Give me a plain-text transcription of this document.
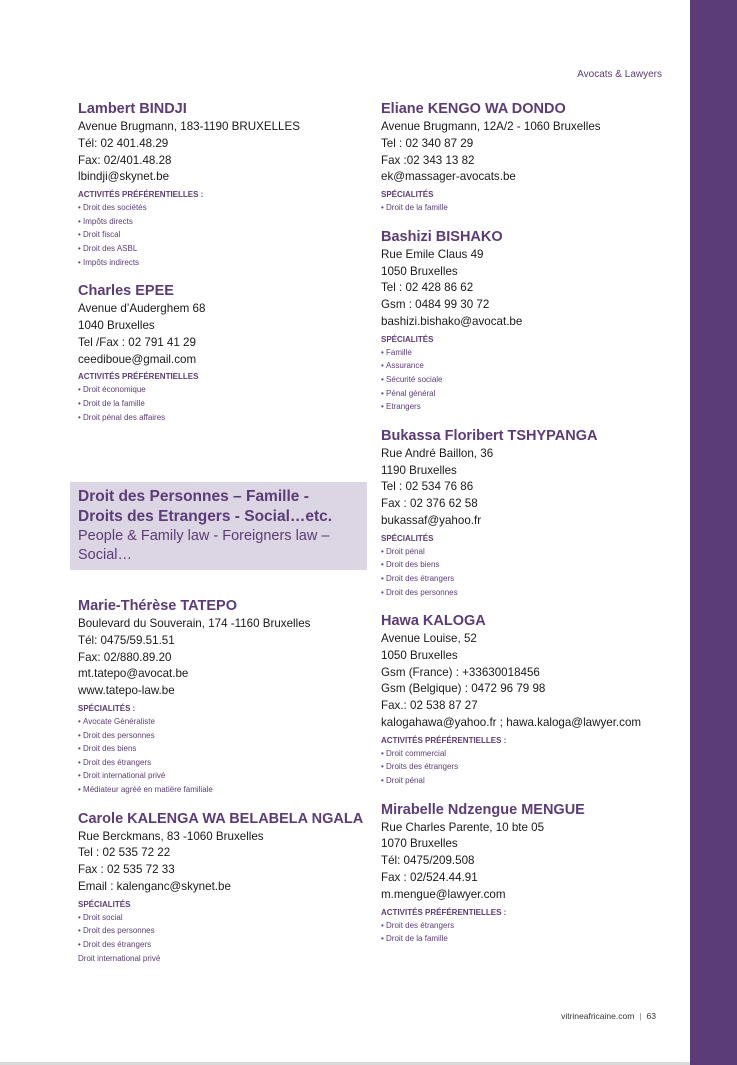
Avocats & Lawyers
Lambert BINDJI
Avenue Brugmann, 183-1190 BRUXELLES
Tél: 02 401.48.29
Fax: 02/401.48.28
lbindji@skynet.be
ACTIVITÉS PRÉFÉRENTIELLES :
• Droit des sociétés
• Impôts directs
• Droit fiscal
• Droit des ASBL
• Impôts indirects
Charles EPEE
Avenue d’Auderghem 68
1040 Bruxelles
Tel /Fax : 02 791 41 29
ceediboue@gmail.com
ACTIVITÉS PRÉFÉRENTIELLES
• Droit économique
• Droit de la famille
• Droit pénal des affaires
Droit des Personnes – Famille -
Droits des Etrangers - Social…etc.
People & Family law - Foreigners law – Social…
Marie-Thérèse TATEPO
Boulevard du Souverain, 174 -1160 Bruxelles
Tél: 0475/59.51.51
Fax: 02/880.89.20
mt.tatepo@avocat.be
www.tatepo-law.be
SPÉCIALITÉS :
• Avocate Généraliste
• Droit des personnes
• Droit des biens
• Droit des étrangers
• Droit international privé
• Médiateur agréé en matière familiale
Carole KALENGA WA BELABELA NGALA
Rue Berckmans, 83 -1060 Bruxelles
Tel : 02 535 72 22
Fax : 02 535 72 33
Email : kalenganc@skynet.be
SPÉCIALITÉS
• Droit social
• Droit des personnes
• Droit des étrangers
Droit international privé
Eliane KENGO WA DONDO
Avenue Brugmann, 12A/2 - 1060 Bruxelles
Tel : 02 340 87 29
Fax :02 343 13 82
ek@massager-avocats.be
SPÉCIALITÉS
• Droit de la famille
Bashizi BISHAKO
Rue Emile Claus 49
1050 Bruxelles
Tel : 02 428 86 62
Gsm : 0484 99 30 72
bashizi.bishako@avocat.be
SPÉCIALITÉS
• Famille
• Assurance
• Sécurité sociale
• Pénal général
• Etrangers
Bukassa Floribert TSHYPANGA
Rue André Baillon, 36
1190 Bruxelles
Tel : 02 534 76 86
Fax : 02 376 62 58
bukassaf@yahoo.fr
SPÉCIALITÉS
• Droit pénal
• Droit des biens
• Droit des étrangers
• Droit des personnes
Hawa KALOGA
Avenue Louise, 52
1050 Bruxelles
Gsm (France) : +33630018456
Gsm (Belgique) : 0472 96 79 98
Fax.: 02 538 87 27
kalogahawa@yahoo.fr ; hawa.kaloga@lawyer.com
ACTIVITÉS PRÉFÉRENTIELLES :
• Droit commercial
• Droits des étrangers
• Droit pénal
Mirabelle Ndzengue MENGUE
Rue Charles Parente, 10 bte 05
1070 Bruxelles
Tél: 0475/209.508
Fax : 02/524.44.91
m.mengue@lawyer.com
ACTIVITÉS PRÉFÉRENTIELLES :
• Droit des étrangers
• Droit de la famille
vitrineafricaine.com | 63
